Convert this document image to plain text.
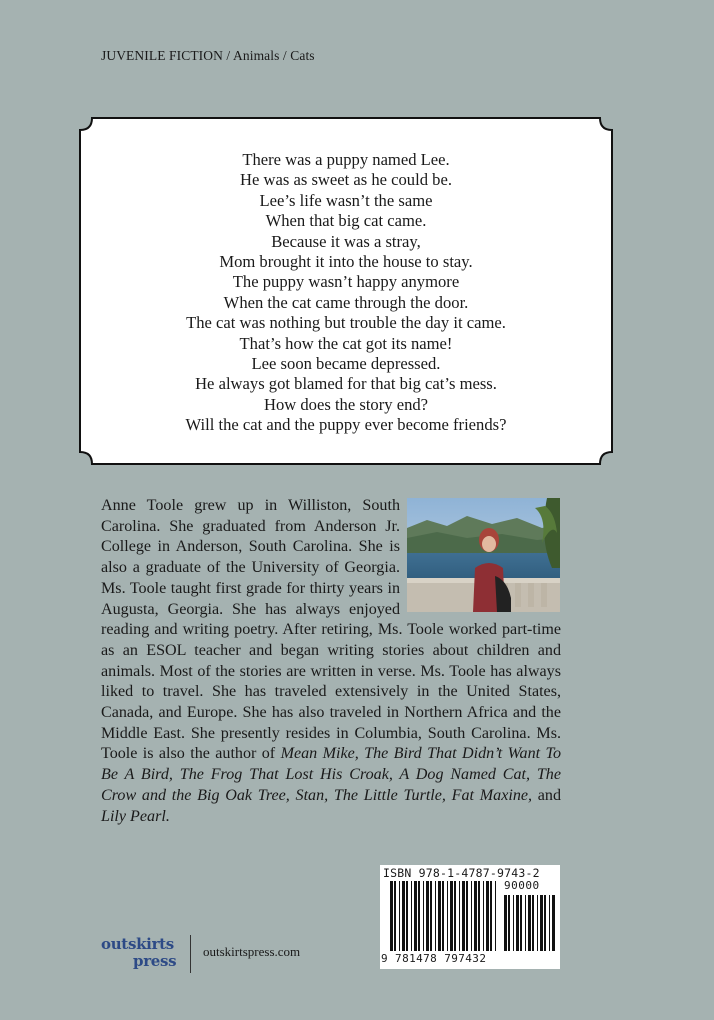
JUVENILE FICTION / Animals / Cats
There was a puppy named Lee.
He was as sweet as he could be.
Lee’s life wasn’t the same
When that big cat came.
Because it was a stray,
Mom brought it into the house to stay.
The puppy wasn’t happy anymore
When the cat came through the door.
The cat was nothing but trouble the day it came.
That’s how the cat got its name!
Lee soon became depressed.
He always got blamed for that big cat’s mess.
How does the story end?
Will the cat and the puppy ever become friends?
Anne Toole grew up in Williston, South Carolina. She graduated from Anderson Jr. College in Anderson, South Carolina. She is also a graduate of the University of Georgia. Ms. Toole taught first grade for thirty years in Augusta, Georgia. She has always enjoyed reading and writing poetry. After retiring, Ms. Toole worked part-time as an ESOL teacher and began writing stories about children and animals. Most of the stories are written in verse. Ms. Toole has always liked to travel. She has traveled extensively in the United States, Canada, and Europe. She has also traveled in Northern Africa and the Middle East. She presently resides in Columbia, South Carolina. Ms. Toole is also the author of Mean Mike, The Bird That Didn’t Want To Be A Bird, The Frog That Lost His Croak, A Dog Named Cat, The Crow and the Big Oak Tree, Stan, The Little Turtle, Fat Maxine, and Lily Pearl.
ISBN 978-1-4787-9743-2
90000
9 781478 797432
outskirts
press
outskirtspress.com
